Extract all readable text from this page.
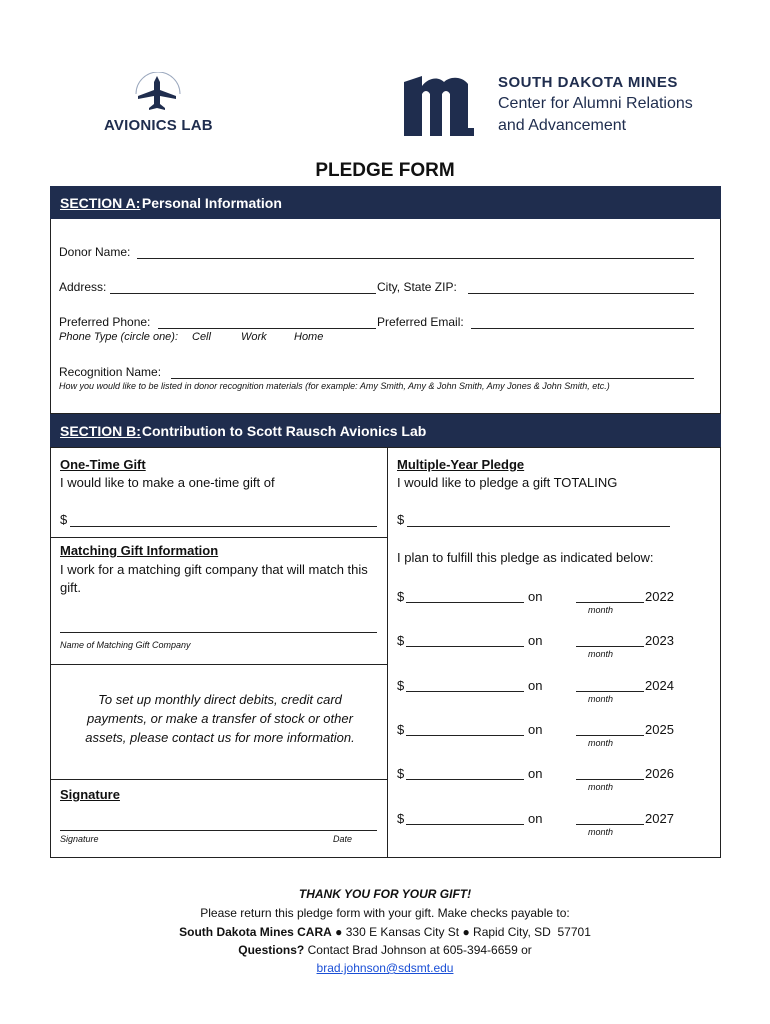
AVIONICS LAB
SOUTH DAKOTA MINES
Center for Alumni Relations
and Advancement
PLEDGE FORM
SECTION A:
Personal Information
Donor Name:
Address:	City, State ZIP:
Preferred Phone:	Preferred Email:
Phone Type (circle one): Cell	Work Home
Recognition Name:
How you would like to be listed in donor recognition materials (for example: Amy Smith, Amy & John Smith, Amy Jones & John Smith, etc.)
SECTION B:
Contribution to Scott Rausch Avionics Lab
One-Time Gift
I would like to make a one-time gift of
$
Matching Gift Information
I work for a matching gift company that will match this gift.
Name of Matching Gift Company
To set up monthly direct debits, credit card payments, or make a transfer of stock or other assets, please contact us for more information.
Signature
Signature	Date
Multiple-Year Pledge
I would like to pledge a gift TOTALING
$
I plan to fulfill this pledge as indicated below:
$	on	2022
month
$	on	2023
month
$	on	2024
month
$	on	2025
month
$	on	2026
month
$	on	2027
month
THANK YOU FOR YOUR GIFT!
Please return this pledge form with your gift. Make checks payable to:
South Dakota Mines CARA ● 330 E Kansas City St ● Rapid City, SD  57701
Questions? Contact Brad Johnson at 605-394-6659 or
brad.johnson@sdsmt.edu
